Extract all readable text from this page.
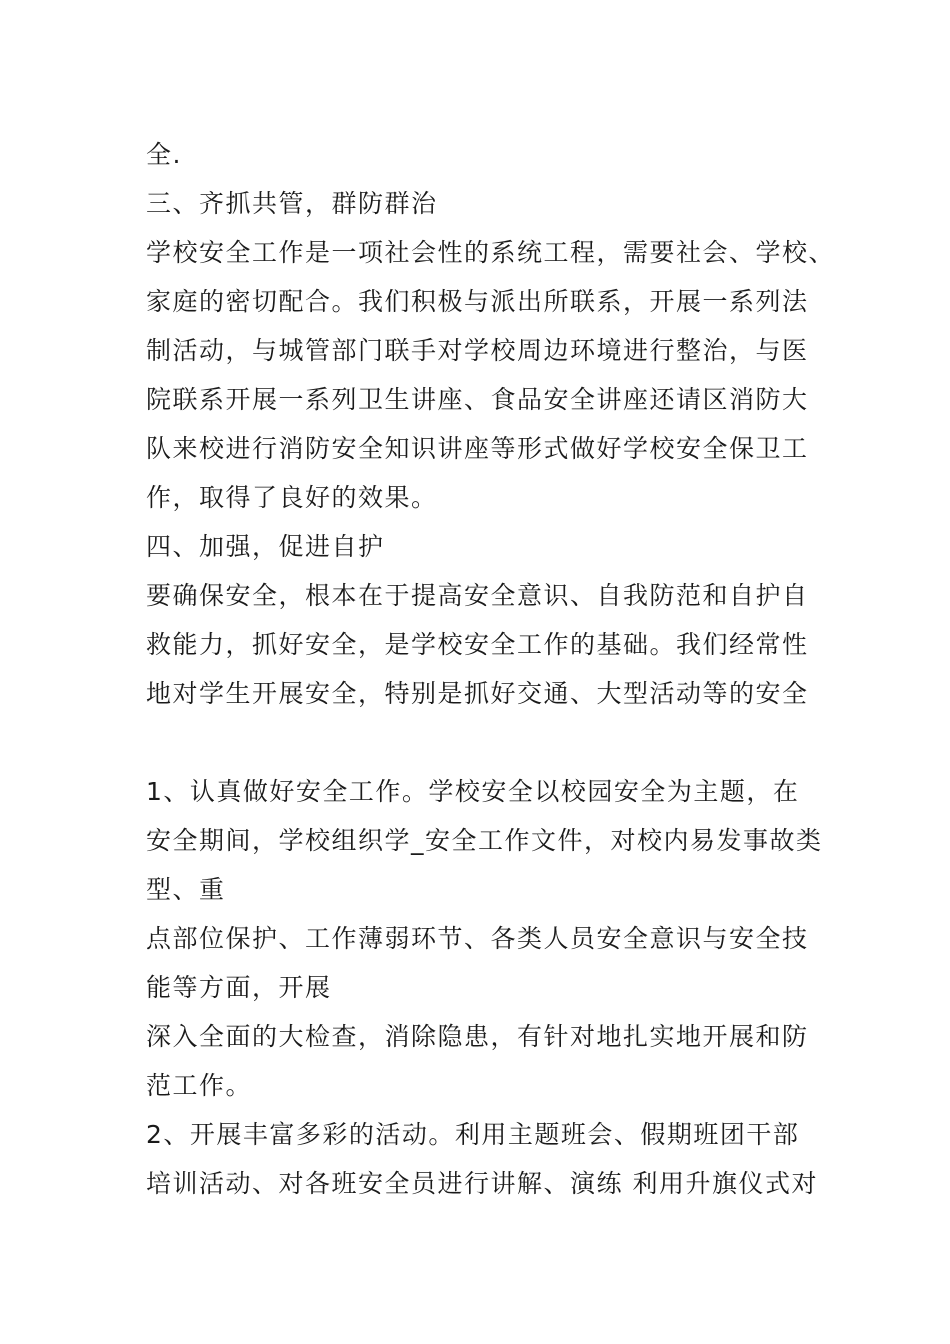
全.
三、齐抓共管，群防群治
学校安全工作是一项社会性的系统工程，需要社会、学校、
家庭的密切配合。我们积极与派出所联系，开展一系列法
制活动，与城管部门联手对学校周边环境进行整治，与医
院联系开展一系列卫生讲座、食品安全讲座还请区消防大
队来校进行消防安全知识讲座等形式做好学校安全保卫工
作，取得了良好的效果。
四、加强，促进自护
要确保安全，根本在于提高安全意识、自我防范和自护自
救能力，抓好安全，是学校安全工作的基础。我们经常性
地对学生开展安全，特别是抓好交通、大型活动等的安全
1、认真做好安全工作。学校安全以校园安全为主题，在
安全期间，学校组织学_安全工作文件，对校内易发事故类
型、重
点部位保护、工作薄弱环节、各类人员安全意识与安全技
能等方面，开展
深入全面的大检查，消除隐患，有针对地扎实地开展和防
范工作。
2、开展丰富多彩的活动。利用主题班会、假期班团干部
培训活动、对各班安全员进行讲解、演练 利用升旗仪式对
